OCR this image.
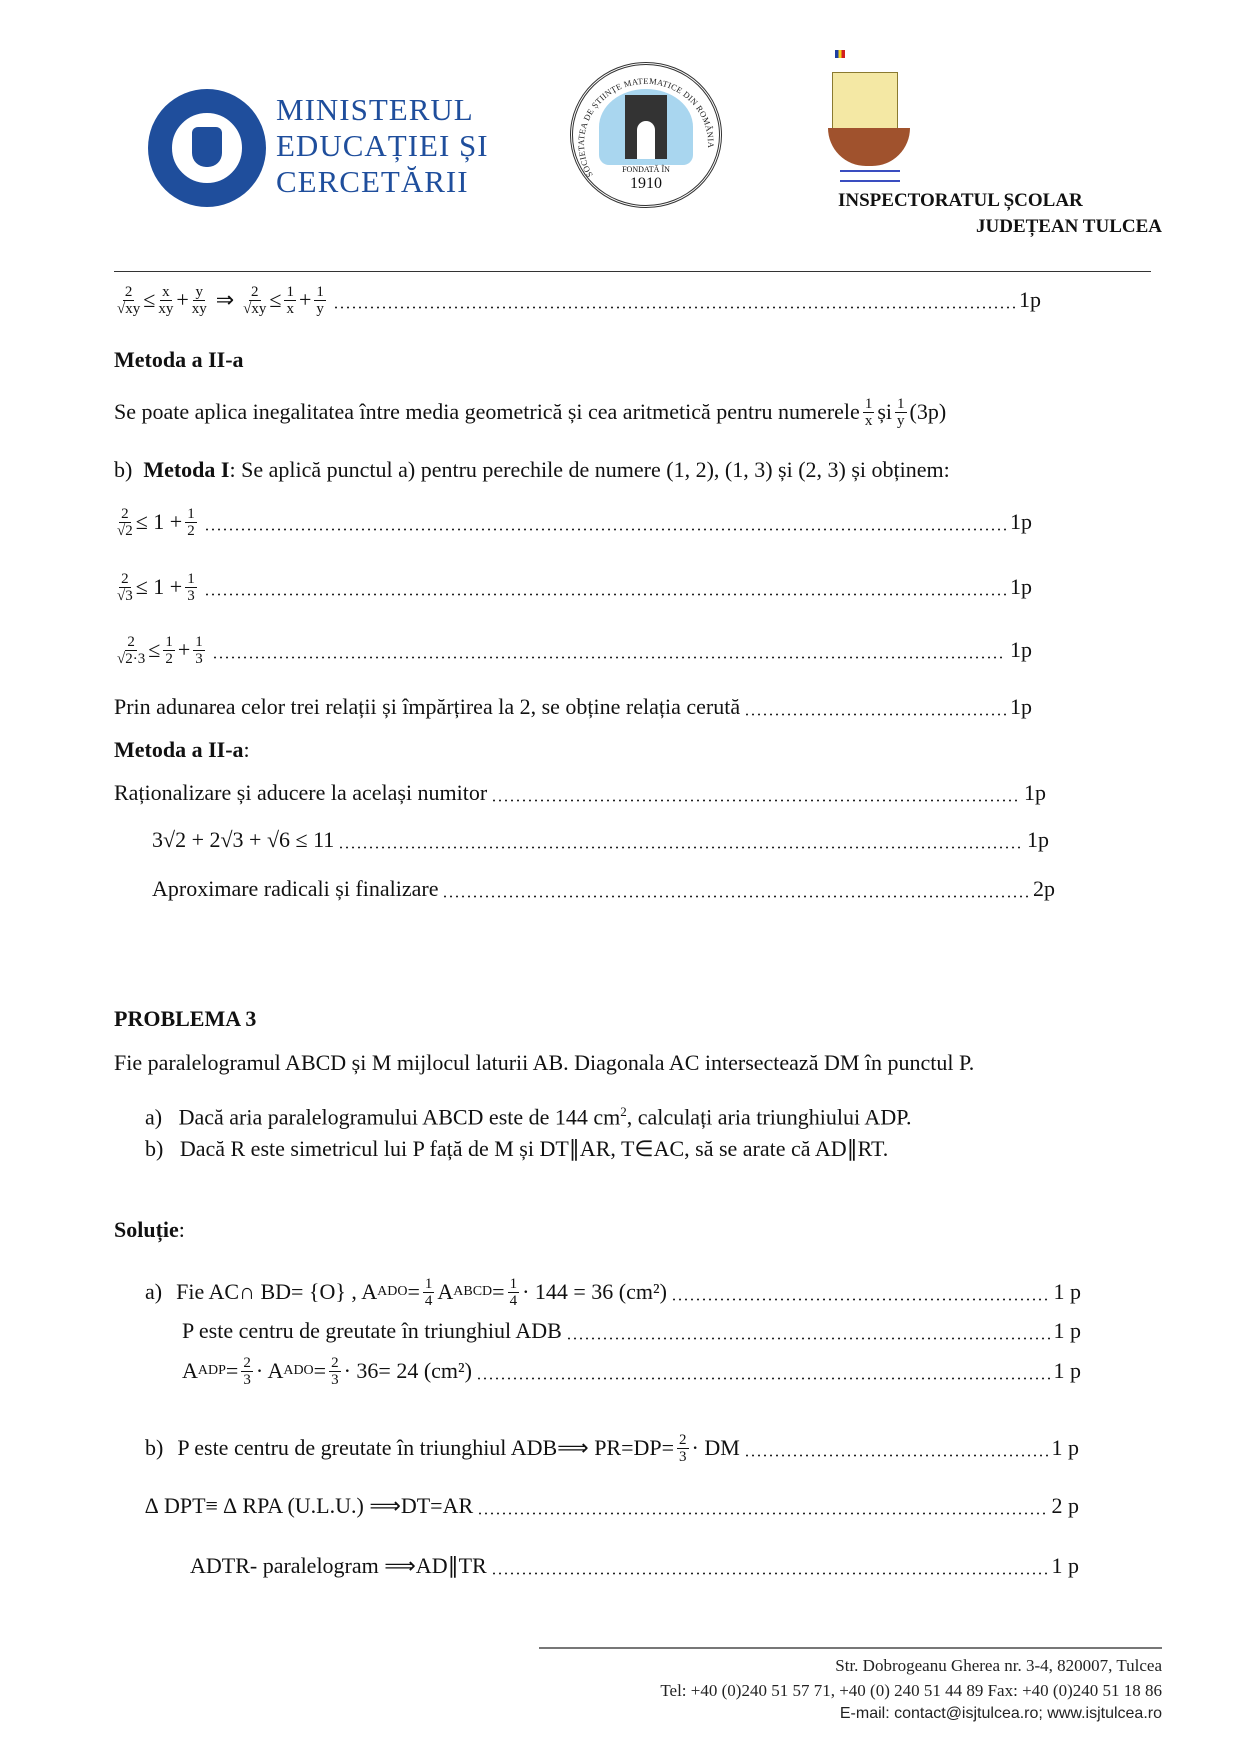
MINISTERUL
EDUCAȚIEI ȘI
CERCETĂRII	SOCIETATEA DE ȘTIINȚE MATEMATICE DIN ROMÂNIA
FONDATĂ ÎN
1910
INSPECTORATUL ȘCOLAR
JUDEȚEAN TULCEA
$\frac{2}{√xy} \le \frac{x}{xy} + \frac{y}{xy}$ ⇒ $\frac{2}{√xy} \le \frac{1}{x} + \frac{1}{y}$	1p
Metoda a II-a
Se poate aplica inegalitatea între media geometrică și cea aritmetică pentru numerele 1
x și 1
y (3p)
b) Metoda I: Se aplică punctul a) pentru perechile de numere (1, 2), (1, 3) și (2, 3) și obținem:
$\frac{2}{√2} \le 1 + \frac{1}{2}$	1p
$\frac{2}{√3} \le 1 + \frac{1}{3}$	1p
$\frac{2}{√2\cdot 3} \le \frac{1}{2} + \frac{1}{3}$	1p
Prin adunarea celor trei relații și împărțirea la 2, se obține relația cerută	1p
Metoda a II-a:
Raționalizare și aducere la același numitor	1p
3√2 + 2√3 + √6 ≤ 11	1p
Aproximare radicali și finalizare	2p
PROBLEMA 3
Fie paralelogramul ABCD și M mijlocul laturii AB. Diagonala AC intersectează DM în punctul P.
a) Dacă aria paralelogramului ABCD este de 144 $cm^2$, calculați aria triunghiului ADP.
b) Dacă R este simetricul lui P față de M și DT∥AR, T∈AC, să se arate că AD∥RT.
Soluție:
a) Fie AC∩ BD= {O} , A ADO = $\frac{1}{4}$ A ABCD = $\frac{1}{4} \cdot 144 = 36$ (cm²)	1 p
P este centru de greutate în triunghiul ADB	1 p
A ADP = $\frac{2}{3} \cdot A$ ADO = $\frac{2}{3} \cdot 36= 24$ (cm²)	1 p
b) P este centru de greutate în triunghiul ADB⟹ $PR=DP= \frac{2}{3}$ · DM	1 p
∆ DPT≡ ∆ RPA (U.L.U.) ⟹DT=AR	2 p
ADTR- paralelogram ⟹AD∥TR	1 p
Str. Dobrogeanu Gherea nr. 3-4, 820007, Tulcea
Tel: +40 (0)240 51 57 71, +40 (0) 240 51 44 89 Fax: +40 (0)240 51 18 86
E-mail: contact@isjtulcea.ro; www.isjtulcea.ro
